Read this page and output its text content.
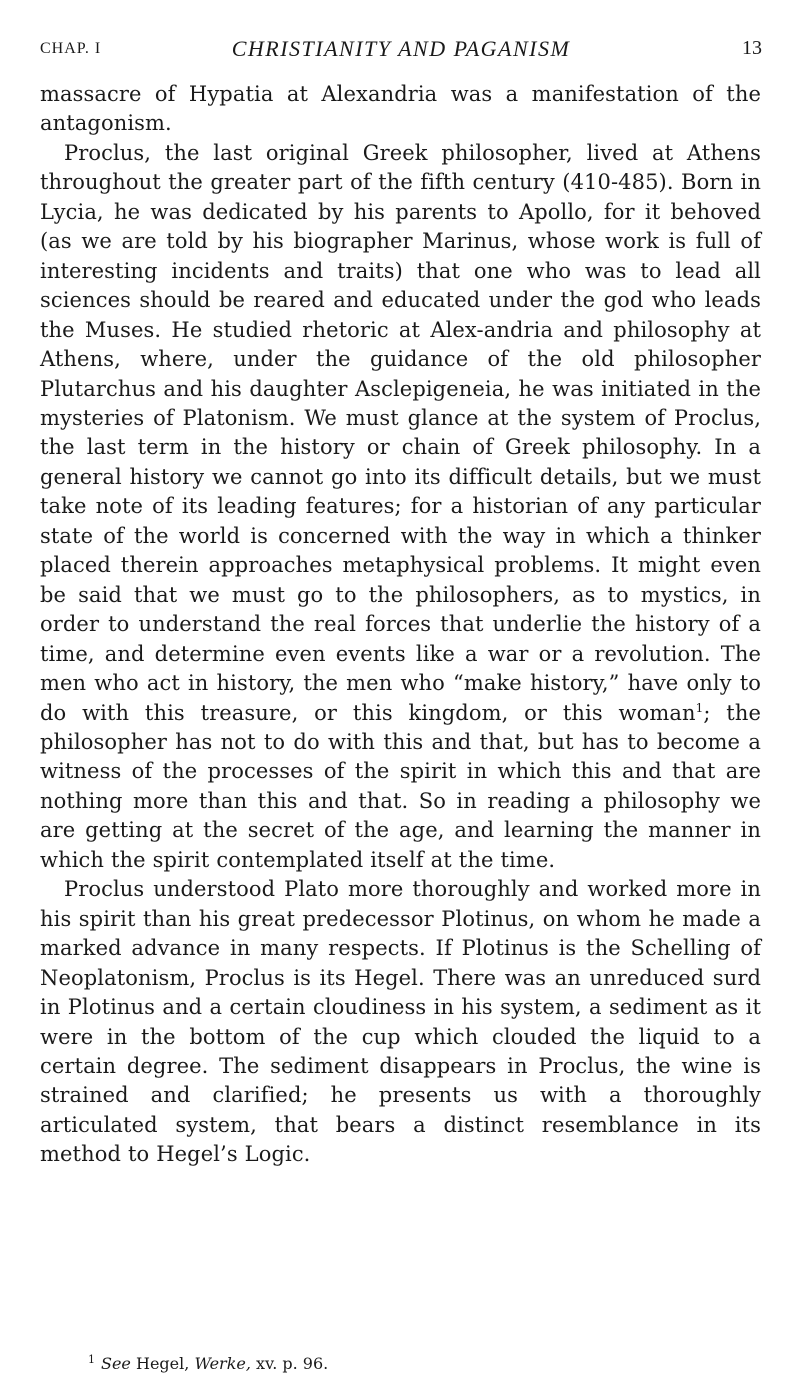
CHAP. I	CHRISTIANITY AND PAGANISM	13

massacre of Hypatia at Alexandria was a manifestation of the antagonism.

Proclus, the last original Greek philosopher, lived at Athens throughout the greater part of the fifth century (410-485). Born in Lycia, he was dedicated by his parents to Apollo, for it behoved (as we are told by his biographer Marinus, whose work is full of interesting incidents and traits) that one who was to lead all sciences should be reared and educated under the god who leads the Muses. He studied rhetoric at Alex-andria and philosophy at Athens, where, under the guidance of the old philosopher Plutarchus and his daughter Asclepigeneia, he was initiated in the mysteries of Platonism. We must glance at the system of Proclus, the last term in the history or chain of Greek philosophy. In a general history we cannot go into its difficult details, but we must take note of its leading features; for a historian of any particular state of the world is concerned with the way in which a thinker placed therein approaches metaphysical problems. It might even be said that we must go to the philosophers, as to mystics, in order to understand the real forces that underlie the history of a time, and determine even events like a war or a revolution. The men who act in history, the men who “make history,” have only to do with this treasure, or this kingdom, or this woman$^1$; the philosopher has not to do with this and that, but has to become a witness of the processes of the spirit in which this and that are nothing more than this and that. So in reading a philosophy we are getting at the secret of the age, and learning the manner in which the spirit contemplated itself at the time.

Proclus understood Plato more thoroughly and worked more in his spirit than his great predecessor Plotinus, on whom he made a marked advance in many respects. If Plotinus is the Schelling of Neoplatonism, Proclus is its Hegel. There was an unreduced surd in Plotinus and a certain cloudiness in his system, a sediment as it were in the bottom of the cup which clouded the liquid to a certain degree. The sediment disappears in Proclus, the wine is strained and clarified; he presents us with a thoroughly articulated system, that bears a distinct resemblance in its method to Hegel’s Logic.

$^1$ See Hegel, Werke, xv. p. 96.
